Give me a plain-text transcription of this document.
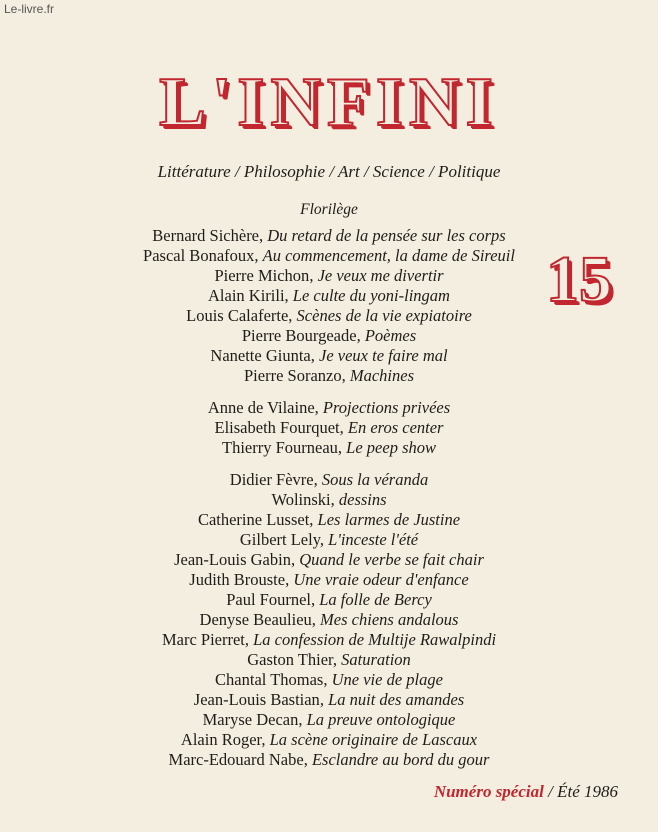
Le-livre.fr
L'INFINI
Littérature / Philosophie / Art / Science / Politique
15
Florilège
Bernard Sichère, Du retard de la pensée sur les corps
Pascal Bonafoux, Au commencement, la dame de Sireuil
Pierre Michon, Je veux me divertir
Alain Kirili, Le culte du yoni-lingam
Louis Calaferte, Scènes de la vie expiatoire
Pierre Bourgeade, Poèmes
Nanette Giunta, Je veux te faire mal
Pierre Soranzo, Machines
Anne de Vilaine, Projections privées
Elisabeth Fourquet, En eros center
Thierry Fourneau, Le peep show
Didier Fèvre, Sous la véranda
Wolinski, dessins
Catherine Lusset, Les larmes de Justine
Gilbert Lely, L'inceste l'été
Jean-Louis Gabin, Quand le verbe se fait chair
Judith Brouste, Une vraie odeur d'enfance
Paul Fournel, La folle de Bercy
Denyse Beaulieu, Mes chiens andalous
Marc Pierret, La confession de Multije Rawalpindi
Gaston Thier, Saturation
Chantal Thomas, Une vie de plage
Jean-Louis Bastian, La nuit des amandes
Maryse Decan, La preuve ontologique
Alain Roger, La scène originaire de Lascaux
Marc-Edouard Nabe, Esclandre au bord du gour
Numéro spécial / Été 1986
